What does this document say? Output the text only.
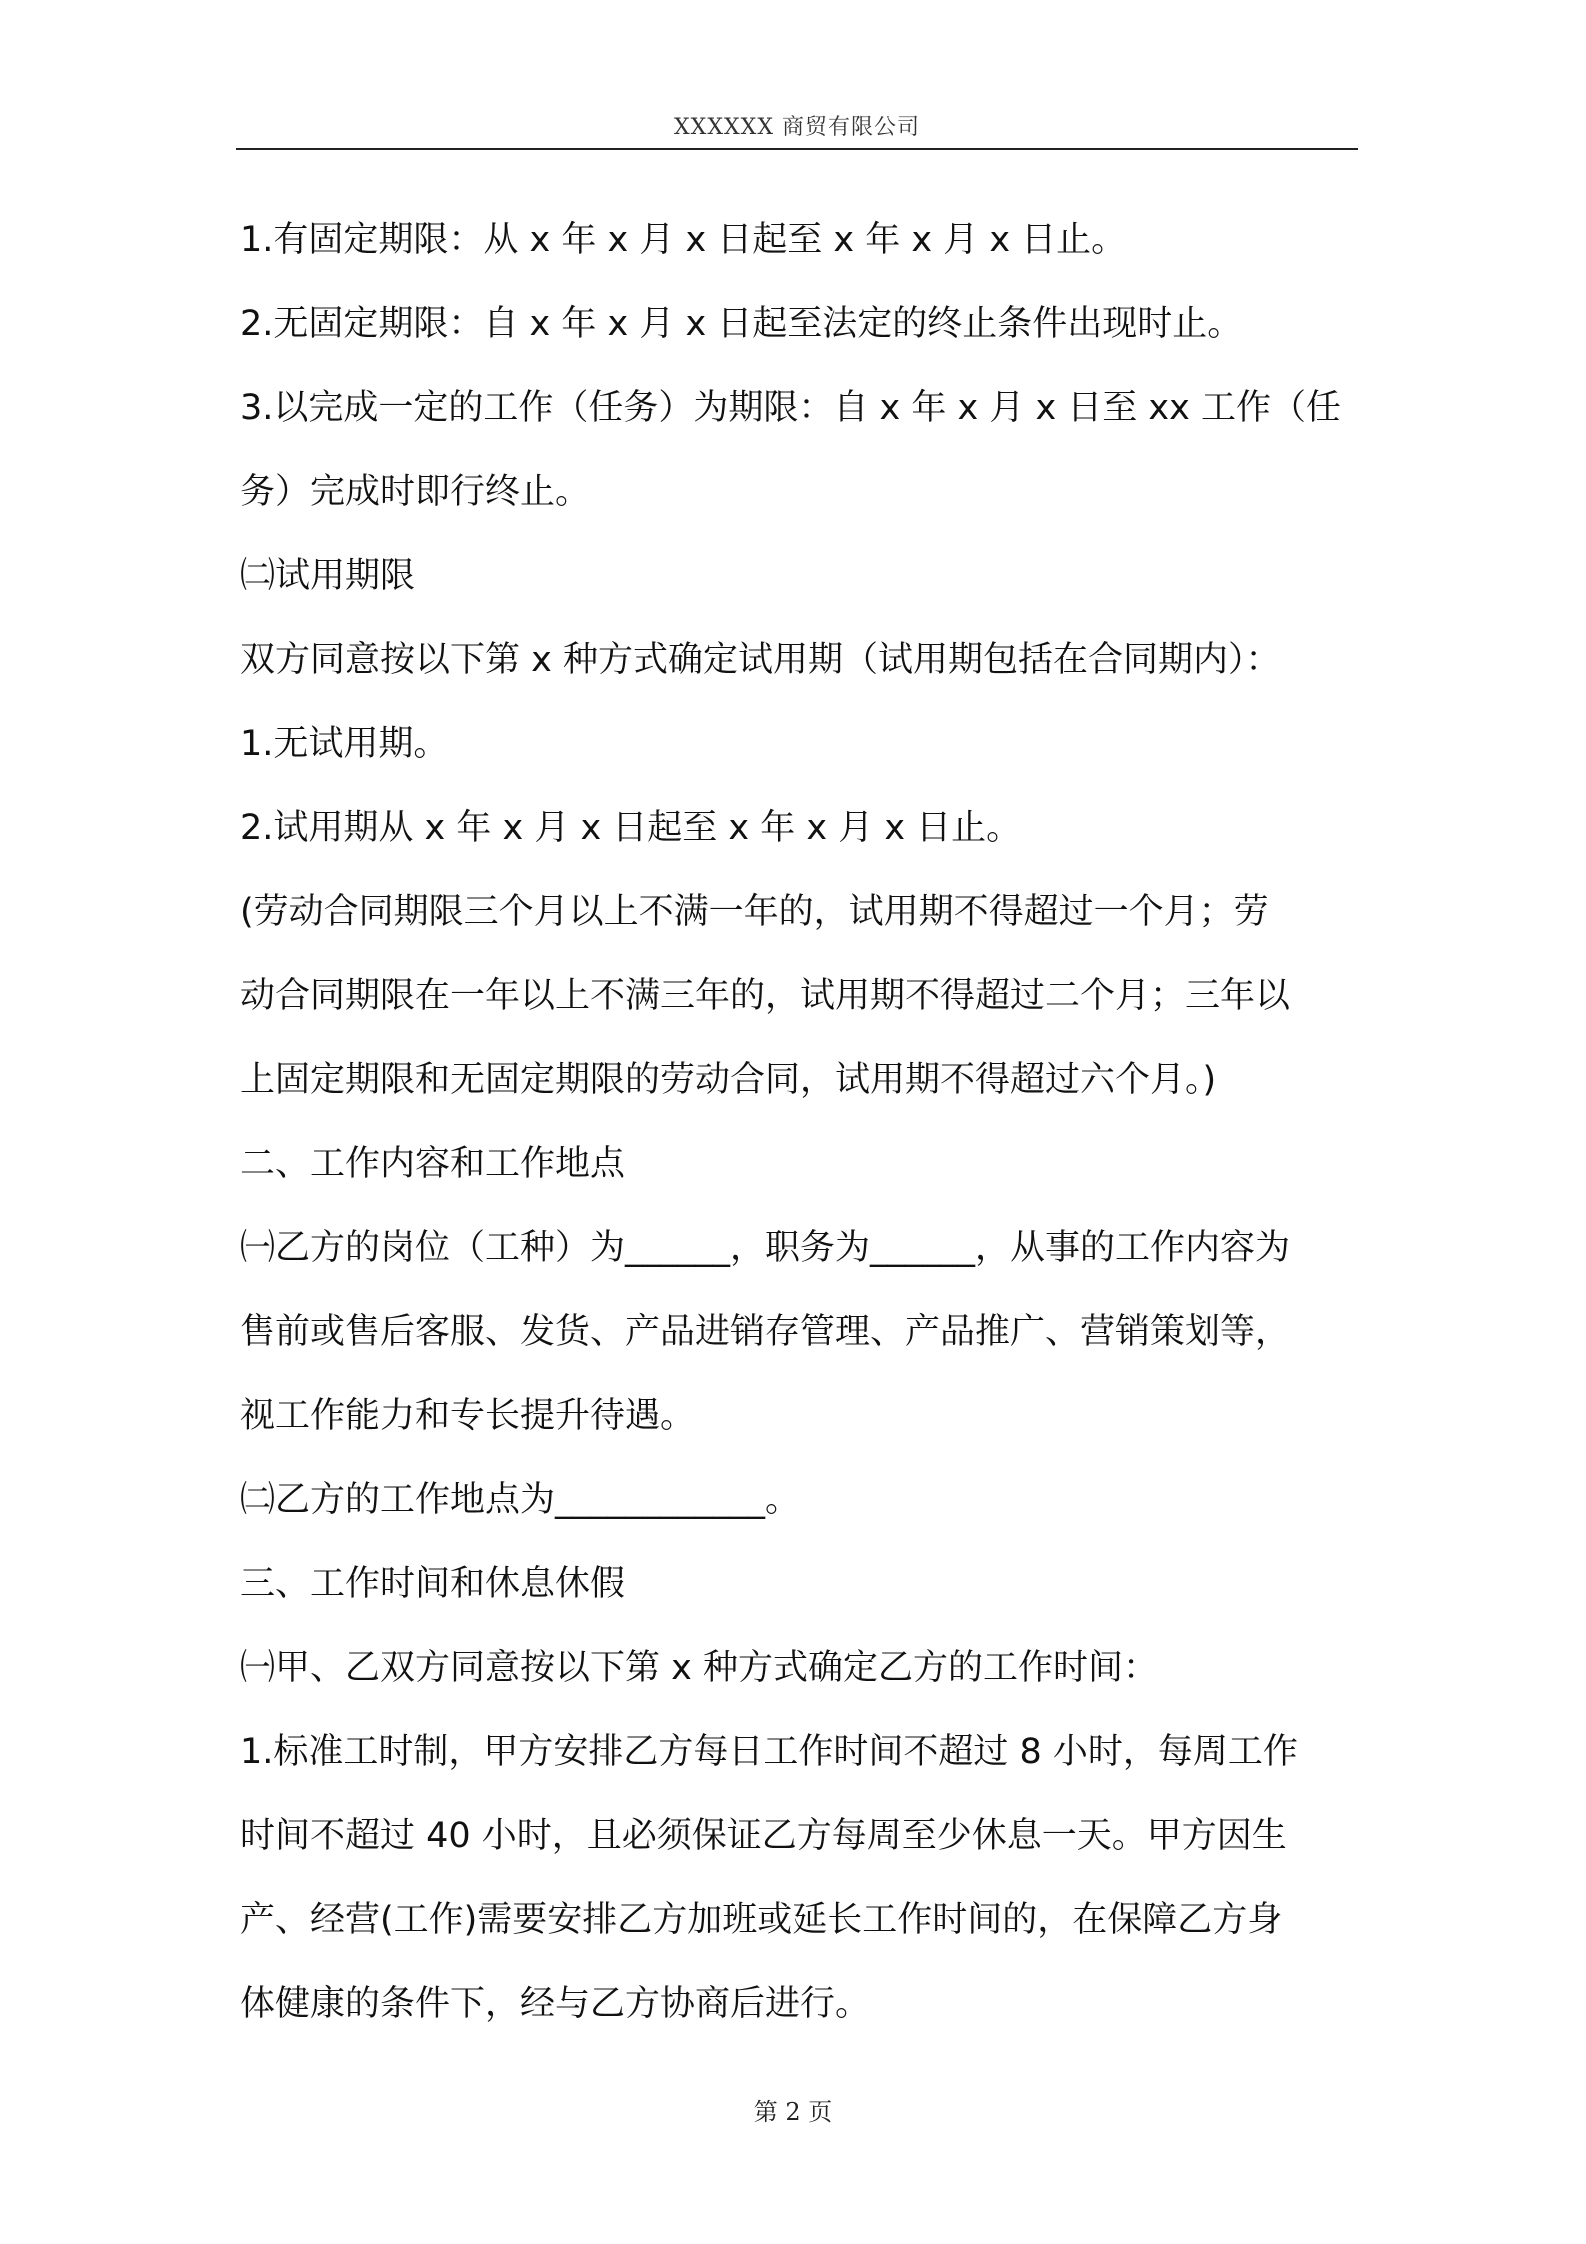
XXXXXX 商贸有限公司
1.有固定期限：从 x 年 x 月 x 日起至 x 年 x 月 x 日止。
2.无固定期限：自 x 年 x 月 x 日起至法定的终止条件出现时止。
3.以完成一定的工作（任务）为期限：自 x 年 x 月 x 日至 xx 工作（任
务）完成时即行终止。
㈡试用期限
双方同意按以下第 x 种方式确定试用期（试用期包括在合同期内）：
1.无试用期。
2.试用期从 x 年 x 月 x 日起至 x 年 x 月 x 日止。
(劳动合同期限三个月以上不满一年的，试用期不得超过一个月；劳
动合同期限在一年以上不满三年的，试用期不得超过二个月；三年以
上固定期限和无固定期限的劳动合同，试用期不得超过六个月。)
二、工作内容和工作地点
㈠乙方的岗位（工种）为______，职务为______，从事的工作内容为
售前或售后客服、发货、产品进销存管理、产品推广、营销策划等，
视工作能力和专长提升待遇。
㈡乙方的工作地点为____________。
三、工作时间和休息休假
㈠甲、乙双方同意按以下第 x 种方式确定乙方的工作时间：
1.标准工时制，甲方安排乙方每日工作时间不超过 8 小时，每周工作
时间不超过 40 小时，且必须保证乙方每周至少休息一天。甲方因生
产、经营(工作)需要安排乙方加班或延长工作时间的，在保障乙方身
体健康的条件下，经与乙方协商后进行。
第 2 页
